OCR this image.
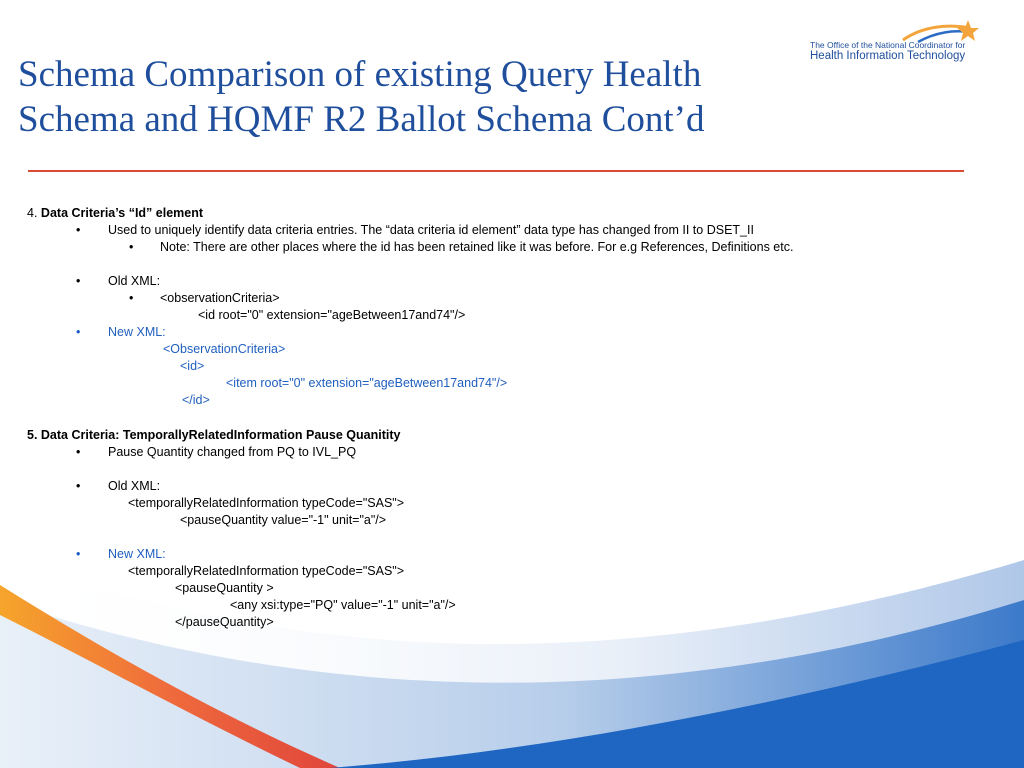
The Office of the National Coordinator for
Health Information Technology
Schema Comparison of existing Query Health
Schema and HQMF R2 Ballot Schema Cont’d
4. Data Criteria’s “Id” element
• Used to uniquely identify data criteria entries. The “data criteria id element” data type has changed from II to DSET_II
• Note: There are other places where the id has been retained like it was before. For e.g References, Definitions etc.
• Old XML:
• <observationCriteria>
<id root="0" extension="ageBetween17and74"/>
• New XML:
<ObservationCriteria>
<id>
<item root="0" extension="ageBetween17and74"/>
</id>
5. Data Criteria: TemporallyRelatedInformation Pause Quanitity
• Pause Quantity changed from PQ to IVL_PQ
• Old XML:
<temporallyRelatedInformation typeCode="SAS">
<pauseQuantity value="-1" unit="a"/>
• New XML:
<temporallyRelatedInformation typeCode="SAS">
<pauseQuantity >
<any xsi:type="PQ" value="-1" unit="a"/>
</pauseQuantity>
